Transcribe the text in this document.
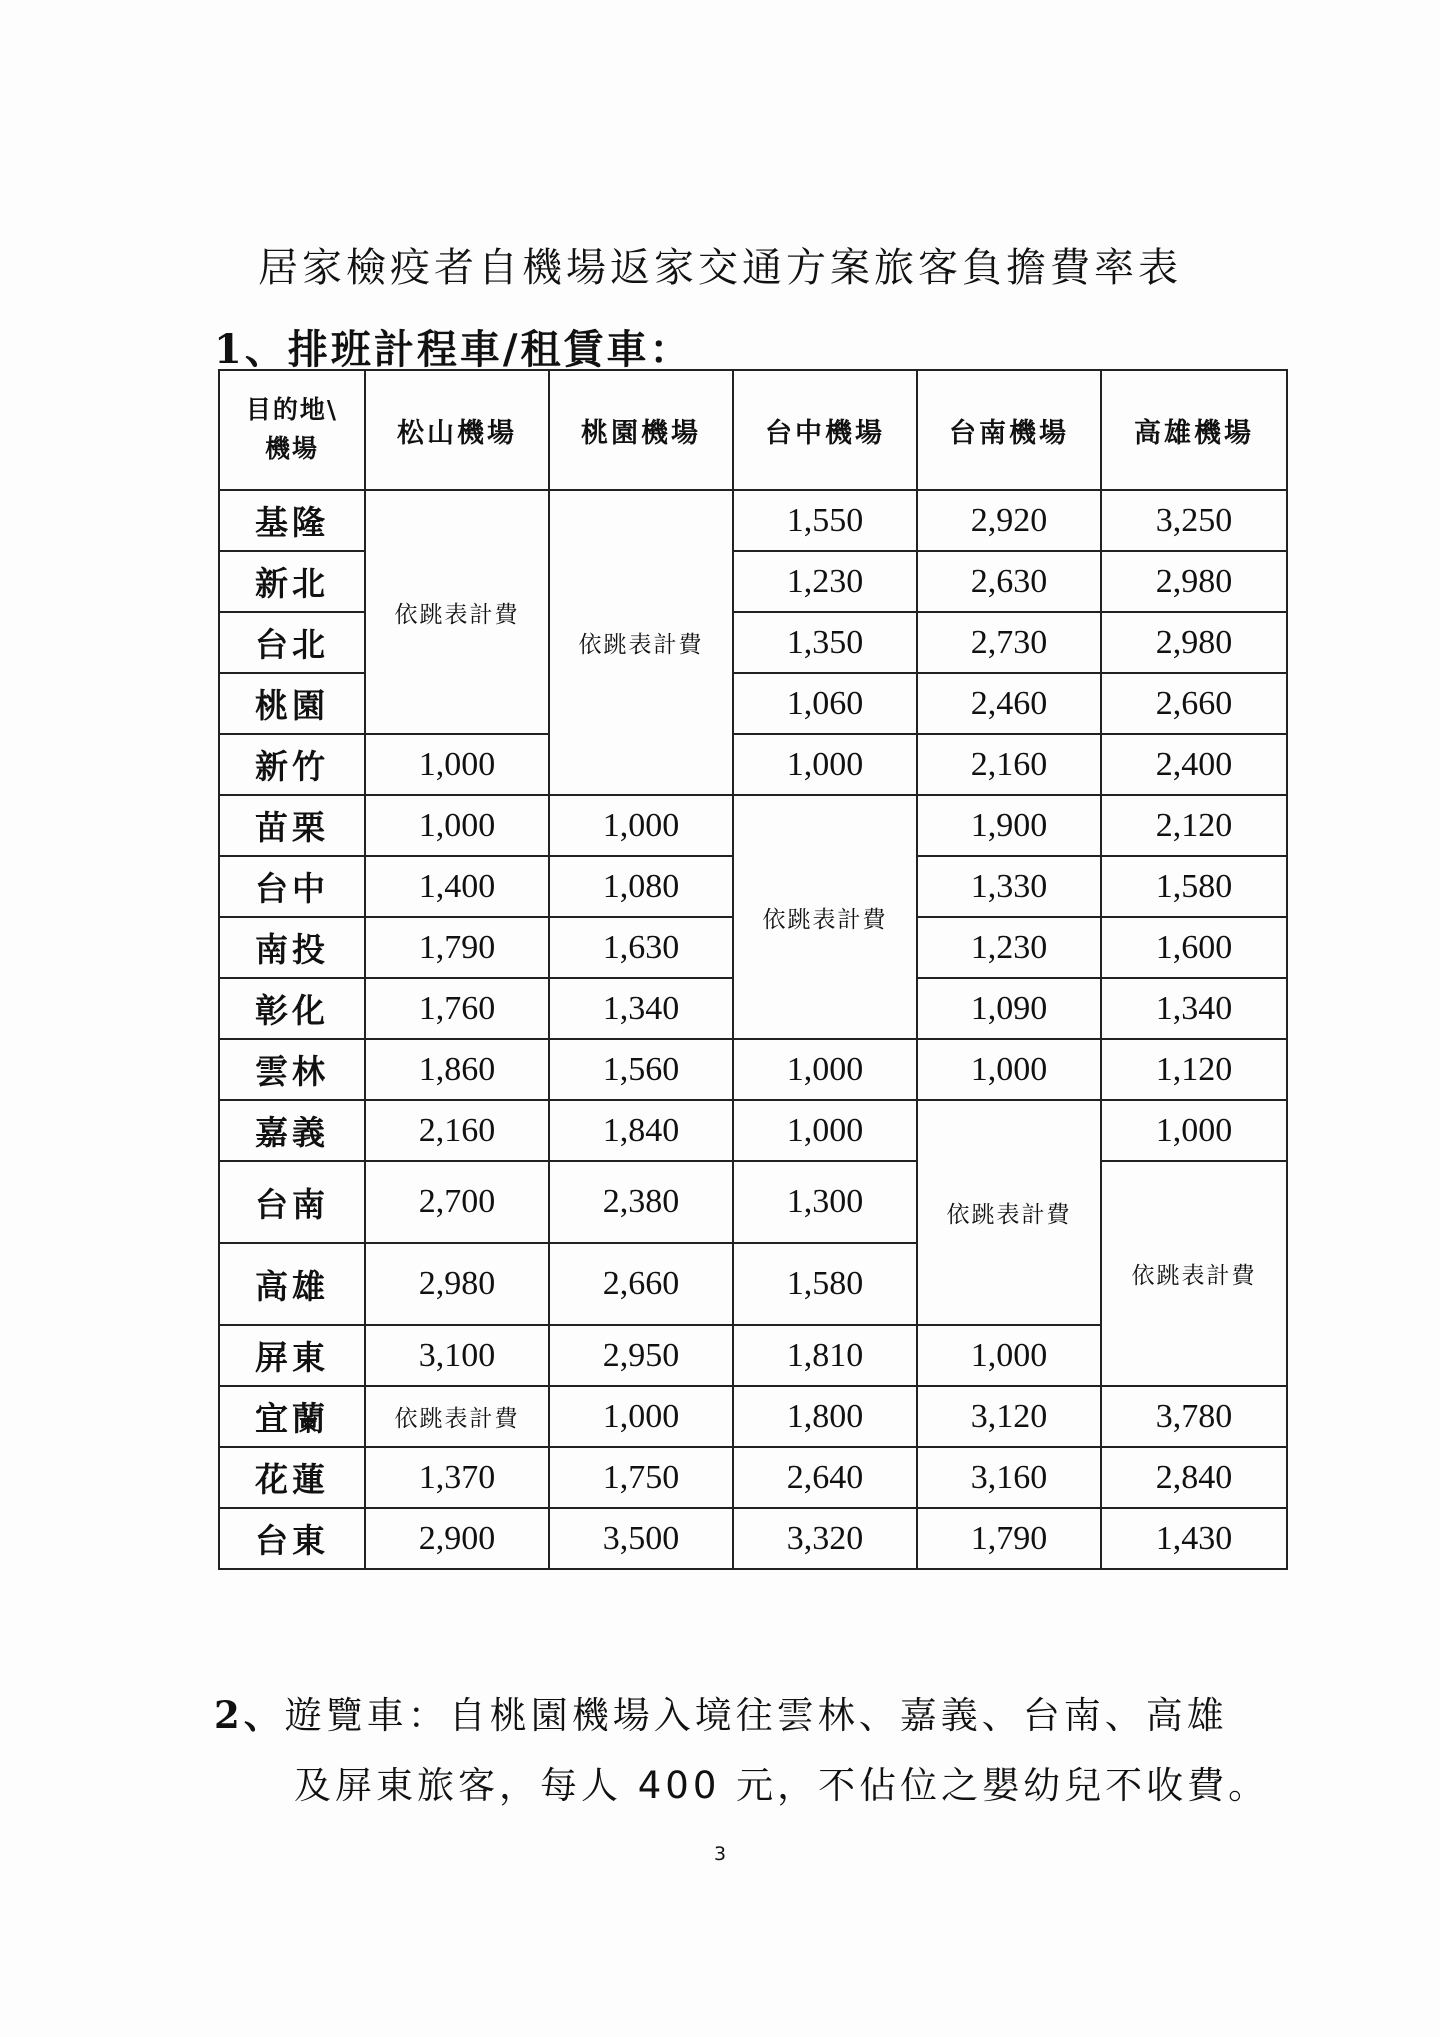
居家檢疫者自機場返家交通方案旅客負擔費率表
1、排班計程車/租賃車：
目的地\
機場	松山機場	桃園機場	台中機場	台南機場	高雄機場
基隆	依跳表計費	依跳表計費	1,550	2,920	3,250
新北			1,230	2,630	2,980
台北			1,350	2,730	2,980
桃園			1,060	2,460	2,660
新竹	1,000		1,000	2,160	2,400
苗栗	1,000	1,000	依跳表計費	1,900	2,120
台中	1,400	1,080		1,330	1,580
南投	1,790	1,630		1,230	1,600
彰化	1,760	1,340		1,090	1,340
雲林	1,860	1,560	1,000	1,000	1,120
嘉義	2,160	1,840	1,000	依跳表計費	1,000
台南	2,700	2,380	1,300		依跳表計費
高雄	2,980	2,660	1,580		
屏東	3,100	2,950	1,810	1,000	
宜蘭	依跳表計費	1,000	1,800	3,120	3,780
花蓮	1,370	1,750	2,640	3,160	2,840
台東	2,900	3,500	3,320	1,790	1,430

2、遊覽車：自桃園機場入境往雲林、嘉義、台南、高雄
及屏東旅客，每人 400 元，不佔位之嬰幼兒不收費。

3
